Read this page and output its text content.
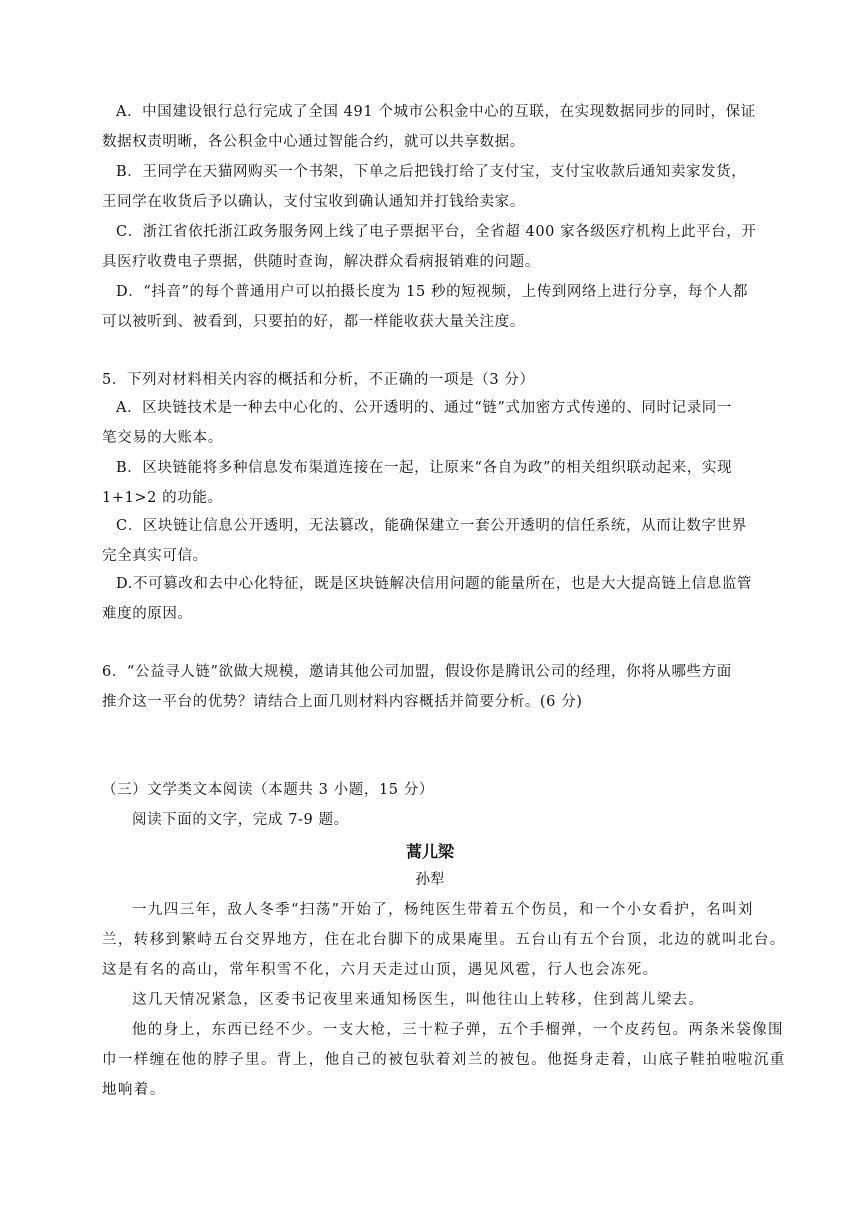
A．中国建设银行总行完成了全国 491 个城市公积金中心的互联，在实现数据同步的同时，保证
数据权责明晰，各公积金中心通过智能合约，就可以共享数据。
B．王同学在天猫网购买一个书架，下单之后把钱打给了支付宝，支付宝收款后通知卖家发货，
王同学在收货后予以确认，支付宝收到确认通知并打钱给卖家。
C．浙江省依托浙江政务服务网上线了电子票据平台，全省超 400 家各级医疗机构上此平台，开
具医疗收费电子票据，供随时查询，解决群众看病报销难的问题。
D．“抖音”的每个普通用户可以拍摄长度为 15 秒的短视频，上传到网络上进行分享，每个人都
可以被听到、被看到，只要拍的好，都一样能收获大量关注度。
5．下列对材料相关内容的概括和分析，不正确的一项是（3 分）
A．区块链技术是一种去中心化的、公开透明的、通过“链”式加密方式传递的、同时记录同一
笔交易的大账本。
B．区块链能将多种信息发布渠道连接在一起，让原来“各自为政”的相关组织联动起来，实现
1+1>2 的功能。
C．区块链让信息公开透明，无法篡改，能确保建立一套公开透明的信任系统，从而让数字世界
完全真实可信。
D.不可篡改和去中心化特征，既是区块链解决信用问题的能量所在，也是大大提高链上信息监管
难度的原因。
6．“公益寻人链”欲做大规模，邀请其他公司加盟，假设你是腾讯公司的经理，你将从哪些方面
推介这一平台的优势？请结合上面几则材料内容概括并简要分析。(6 分)
（三）文学类文本阅读（本题共 3 小题，15 分）
阅读下面的文字，完成 7-9 题。
蒿儿梁
孙犁
一九四三年，敌人冬季“扫荡”开始了，杨纯医生带着五个伤员，和一个小女看护，名叫刘
兰，转移到繁峙五台交界地方，住在北台脚下的成果庵里。五台山有五个台顶，北边的就叫北台。
这是有名的高山，常年积雪不化，六月天走过山顶，遇见风雹，行人也会冻死。
这几天情况紧急，区委书记夜里来通知杨医生，叫他往山上转移，住到蒿儿梁去。
他的身上，东西已经不少。一支大枪，三十粒子弹，五个手榴弹，一个皮药包。两条米袋像围
巾一样缠在他的脖子里。背上，他自己的被包驮着刘兰的被包。他挺身走着，山底子鞋拍啦啦沉重
地响着。
